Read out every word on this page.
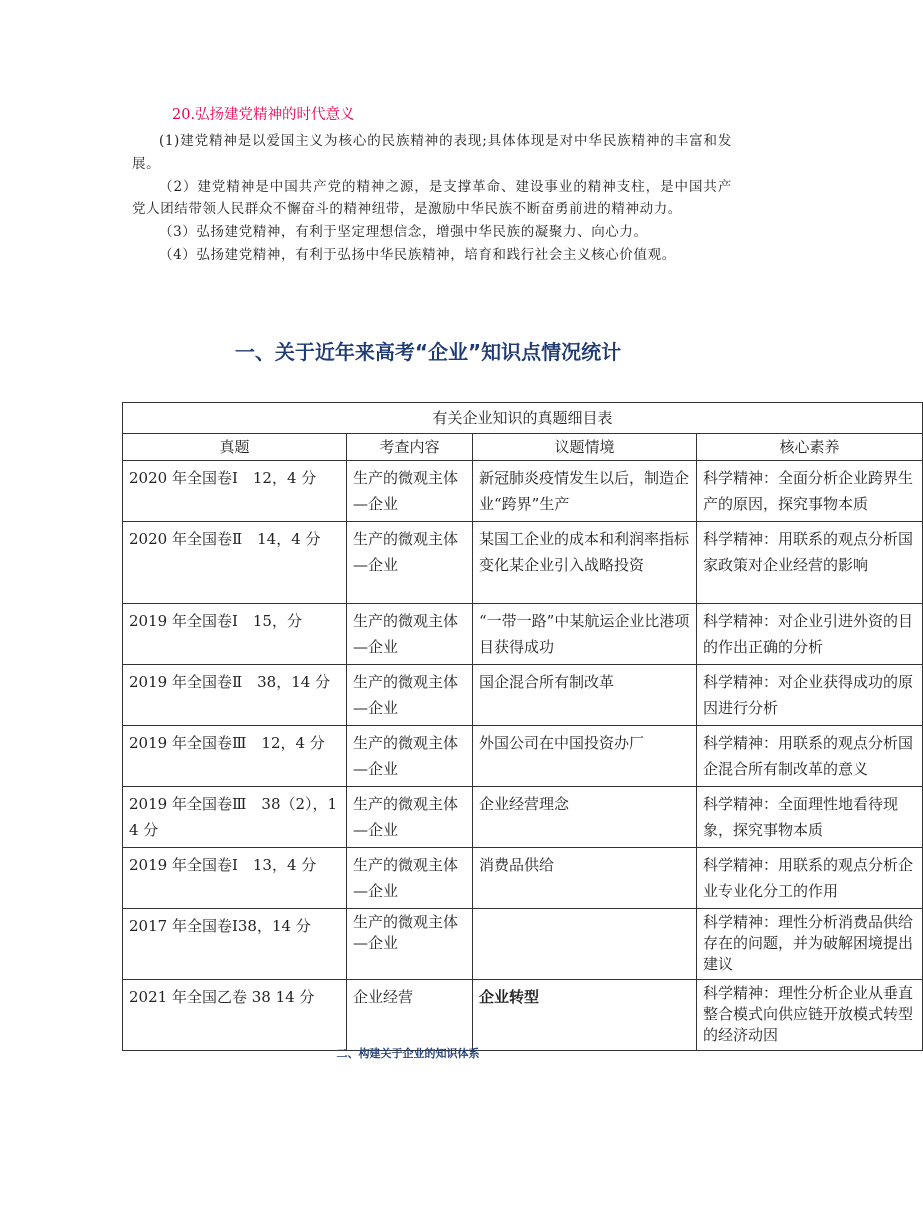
20.弘扬建党精神的时代意义

(1)建党精神是以爱国主义为核心的民族精神的表现;具体体现是对中华民族精神的丰富和发展。

（2）建党精神是中国共产党的精神之源，是支撑革命、建设事业的精神支柱，是中国共产党人团结带领人民群众不懈奋斗的精神纽带，是激励中华民族不断奋勇前进的精神动力。

（3）弘扬建党精神，有利于坚定理想信念，增强中华民族的凝聚力、向心力。

（4）弘扬建党精神，有利于弘扬中华民族精神，培育和践行社会主义核心价值观。

一、关于近年来高考“企业”知识点情况统计
有关企业知识的真题细目表			
真题	考查内容	议题情境	核心素养
2020 年全国卷Ⅰ　12，4 分	生产的微观主体—企业	新冠肺炎疫情发生以后，制造企业“跨界”生产	科学精神：全面分析企业跨界生产的原因，探究事物本质
2020 年全国卷Ⅱ　14，4 分	生产的微观主体—企业	某国工企业的成本和利润率指标变化某企业引入战略投资	科学精神：用联系的观点分析国家政策对企业经营的影响
2019 年全国卷Ⅰ　15，分	生产的微观主体—企业	“一带一路”中某航运企业比港项目获得成功	科学精神：对企业引进外资的目的作出正确的分析
2019 年全国卷Ⅱ　38，14 分	生产的微观主体—企业	国企混合所有制改革	科学精神：对企业获得成功的原因进行分析
2019 年全国卷Ⅲ　12，4 分	生产的微观主体—企业	外国公司在中国投资办厂	科学精神：用联系的观点分析国企混合所有制改革的意义
2019 年全国卷Ⅲ　38（2），14 分	生产的微观主体—企业	企业经营理念	科学精神：全面理性地看待现象，探究事物本质
2019 年全国卷Ⅰ　13，4 分	生产的微观主体—企业	消费品供给	科学精神：用联系的观点分析企业专业化分工的作用
2017 年全国卷Ⅰ38，14 分	生产的微观主体—企业		科学精神：理性分析消费品供给存在的问题，并为破解困境提出建议
2021 年全国乙卷 38 14 分	企业经营	企业转型	科学精神：理性分析企业从垂直整合模式向供应链开放模式转型的经济动因
二、构建关于企业的知识体系
